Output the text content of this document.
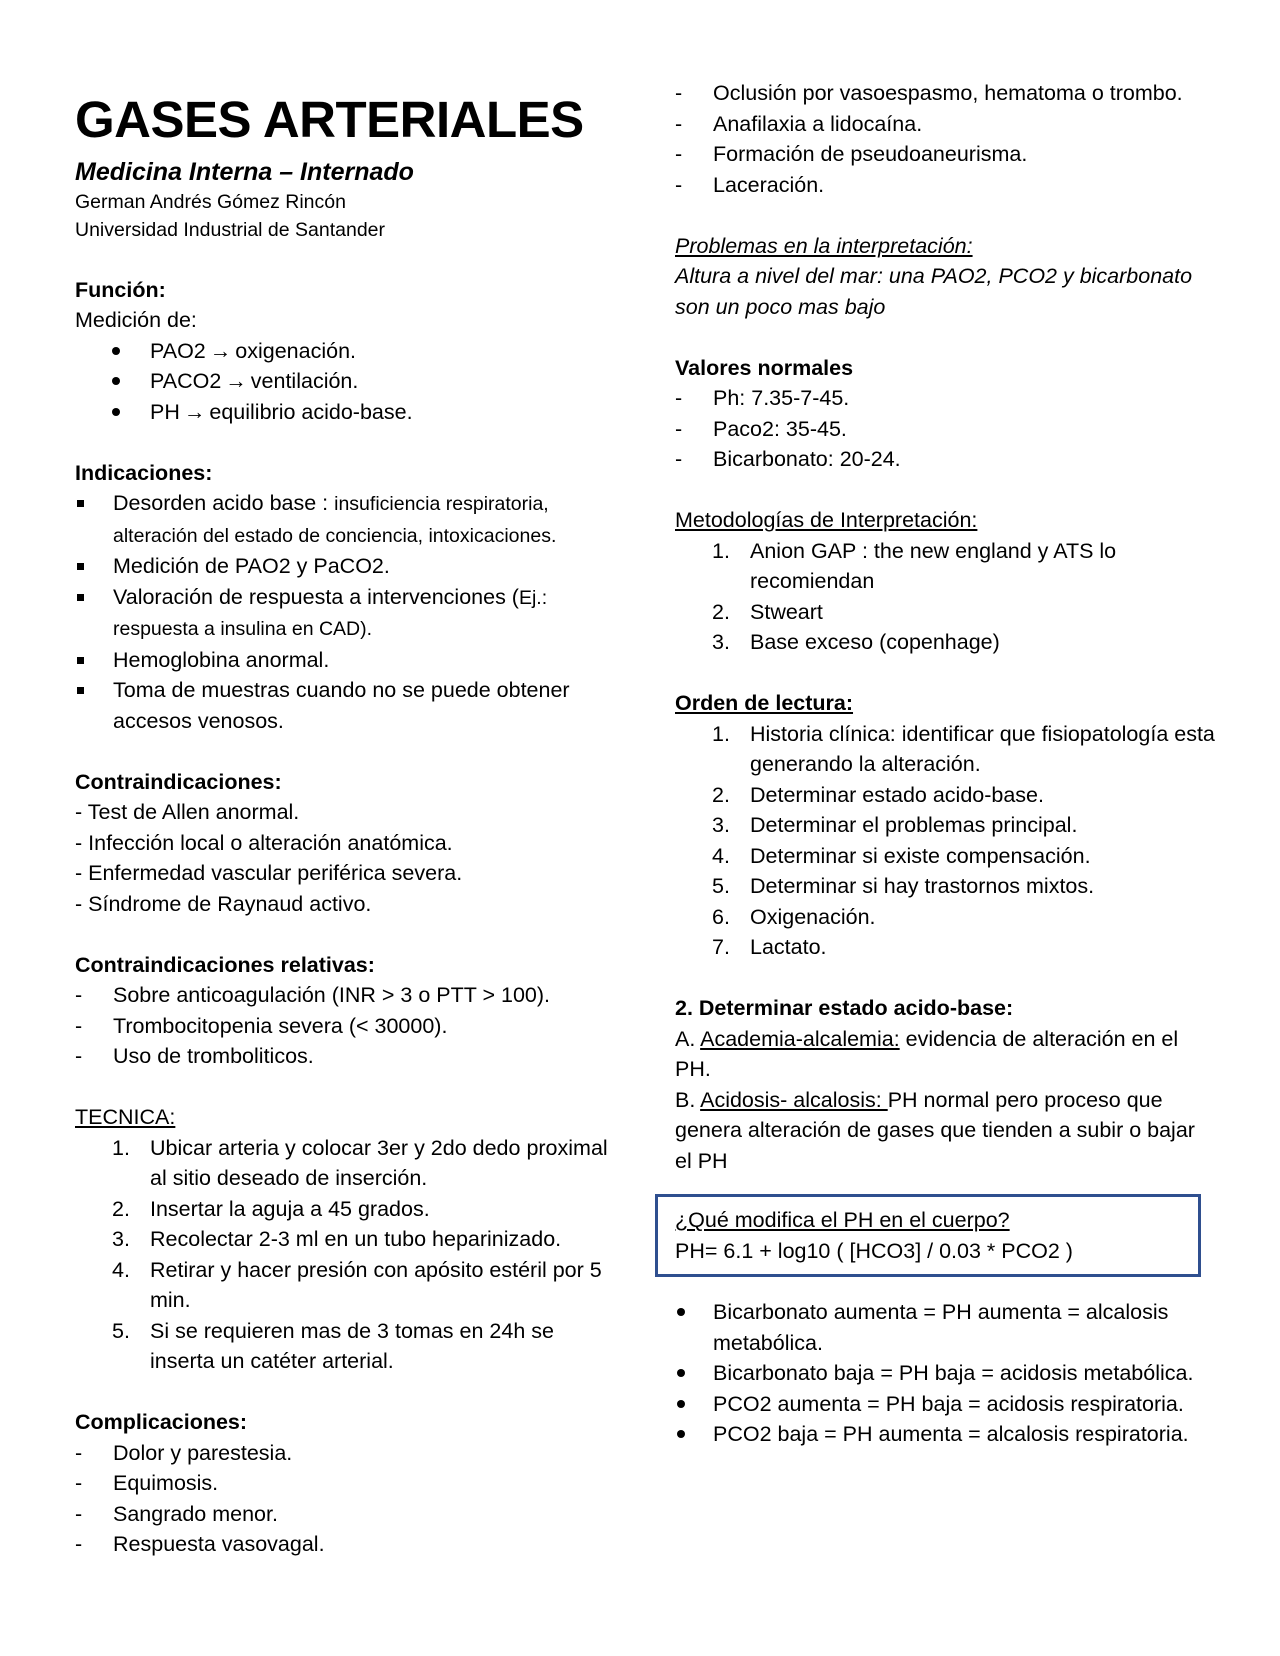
GASES ARTERIALES
Medicina Interna – Internado
German Andrés Gómez Rincón
Universidad Industrial de Santander
Función:
Medición de:
PAO2 → oxigenación.
PACO2 → ventilación.
PH → equilibrio acido-base.
Indicaciones:
Desorden acido base : insuficiencia respiratoria, alteración del estado de conciencia, intoxicaciones.
Medición de PAO2 y PaCO2.
Valoración de respuesta a intervenciones (Ej.: respuesta a insulina en CAD).
Hemoglobina anormal.
Toma de muestras cuando no se puede obtener accesos venosos.
Contraindicaciones:
- Test de Allen anormal.
- Infección local o alteración anatómica.
- Enfermedad vascular periférica severa.
- Síndrome de Raynaud activo.
Contraindicaciones relativas:
- Sobre anticoagulación (INR > 3 o PTT > 100).
- Trombocitopenia severa (< 30000).
- Uso de tromboliticos.
TECNICA:
1. Ubicar arteria y colocar 3er y 2do dedo proximal al sitio deseado de inserción.
2. Insertar la aguja a 45 grados.
3. Recolectar 2-3 ml en un tubo heparinizado.
4. Retirar y hacer presión con apósito estéril por 5 min.
5. Si se requieren mas de 3 tomas en 24h se inserta un catéter arterial.
Complicaciones:
- Dolor y parestesia.
- Equimosis.
- Sangrado menor.
- Respuesta vasovagal.
- Oclusión por vasoespasmo, hematoma o trombo.
- Anafilaxia a lidocaína.
- Formación de pseudoaneurisma.
- Laceración.
Problemas en la interpretación:
Altura a nivel del mar: una PAO2, PCO2 y bicarbonato son un poco mas bajo
Valores normales
- Ph: 7.35-7-45.
- Paco2: 35-45.
- Bicarbonato: 20-24.
Metodologías de Interpretación:
1. Anion GAP : the new england y ATS lo recomiendan
2. Stweart
3. Base exceso (copenhage)
Orden de lectura:
1. Historia clínica: identificar que fisiopatología esta generando la alteración.
2. Determinar estado acido-base.
3. Determinar el problemas principal.
4. Determinar si existe compensación.
5. Determinar si hay trastornos mixtos.
6. Oxigenación.
7. Lactato.
2. Determinar estado acido-base:
A. Academia-alcalemia: evidencia de alteración en el PH.
B. Acidosis- alcalosis: PH normal pero proceso que genera alteración de gases que tienden a subir o bajar el PH
¿Qué modifica el PH en el cuerpo?
PH= 6.1 + log10 ( [HCO3] / 0.03 * PCO2 )
Bicarbonato aumenta = PH aumenta = alcalosis metabólica.
Bicarbonato baja = PH baja = acidosis metabólica.
PCO2 aumenta = PH baja = acidosis respiratoria.
PCO2 baja = PH aumenta = alcalosis respiratoria.
